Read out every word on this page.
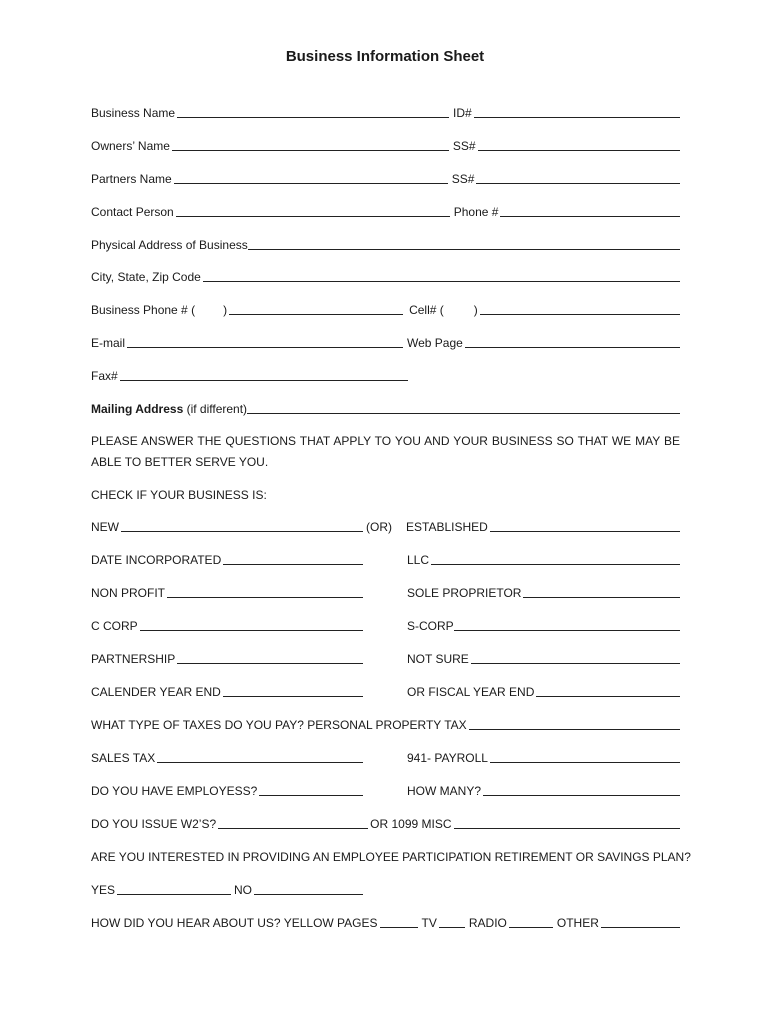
Business Information Sheet
Business Name	ID#
Owners’ Name	SS#
Partners Name	SS#
Contact Person	Phone #
Physical Address of Business
City, State, Zip Code
Business Phone # ( )	Cell# (	)
E-mail	Web Page
Fax#
Mailing Address (if different)
PLEASE ANSWER THE QUESTIONS THAT APPLY TO YOU AND YOUR BUSINESS SO THAT WE MAY BE ABLE TO BETTER SERVE YOU.
CHECK IF YOUR BUSINESS IS:
NEW	(OR)	ESTABLISHED
DATE INCORPORATED	LLC
NON PROFIT	SOLE PROPRIETOR
C CORP	S-CORP
PARTNERSHIP	NOT SURE
CALENDER YEAR END	OR FISCAL YEAR END
WHAT TYPE OF TAXES DO YOU PAY? PERSONAL PROPERTY TAX
SALES TAX	941- PAYROLL
DO YOU HAVE EMPLOYESS?	HOW MANY?
DO YOU ISSUE W2’S?	OR 1099 MISC
ARE YOU INTERESTED IN PROVIDING AN EMPLOYEE PARTICIPATION RETIREMENT OR SAVINGS PLAN?
YES	NO
HOW DID YOU HEAR ABOUT US? YELLOW PAGES	TV	RADIO	OTHER
